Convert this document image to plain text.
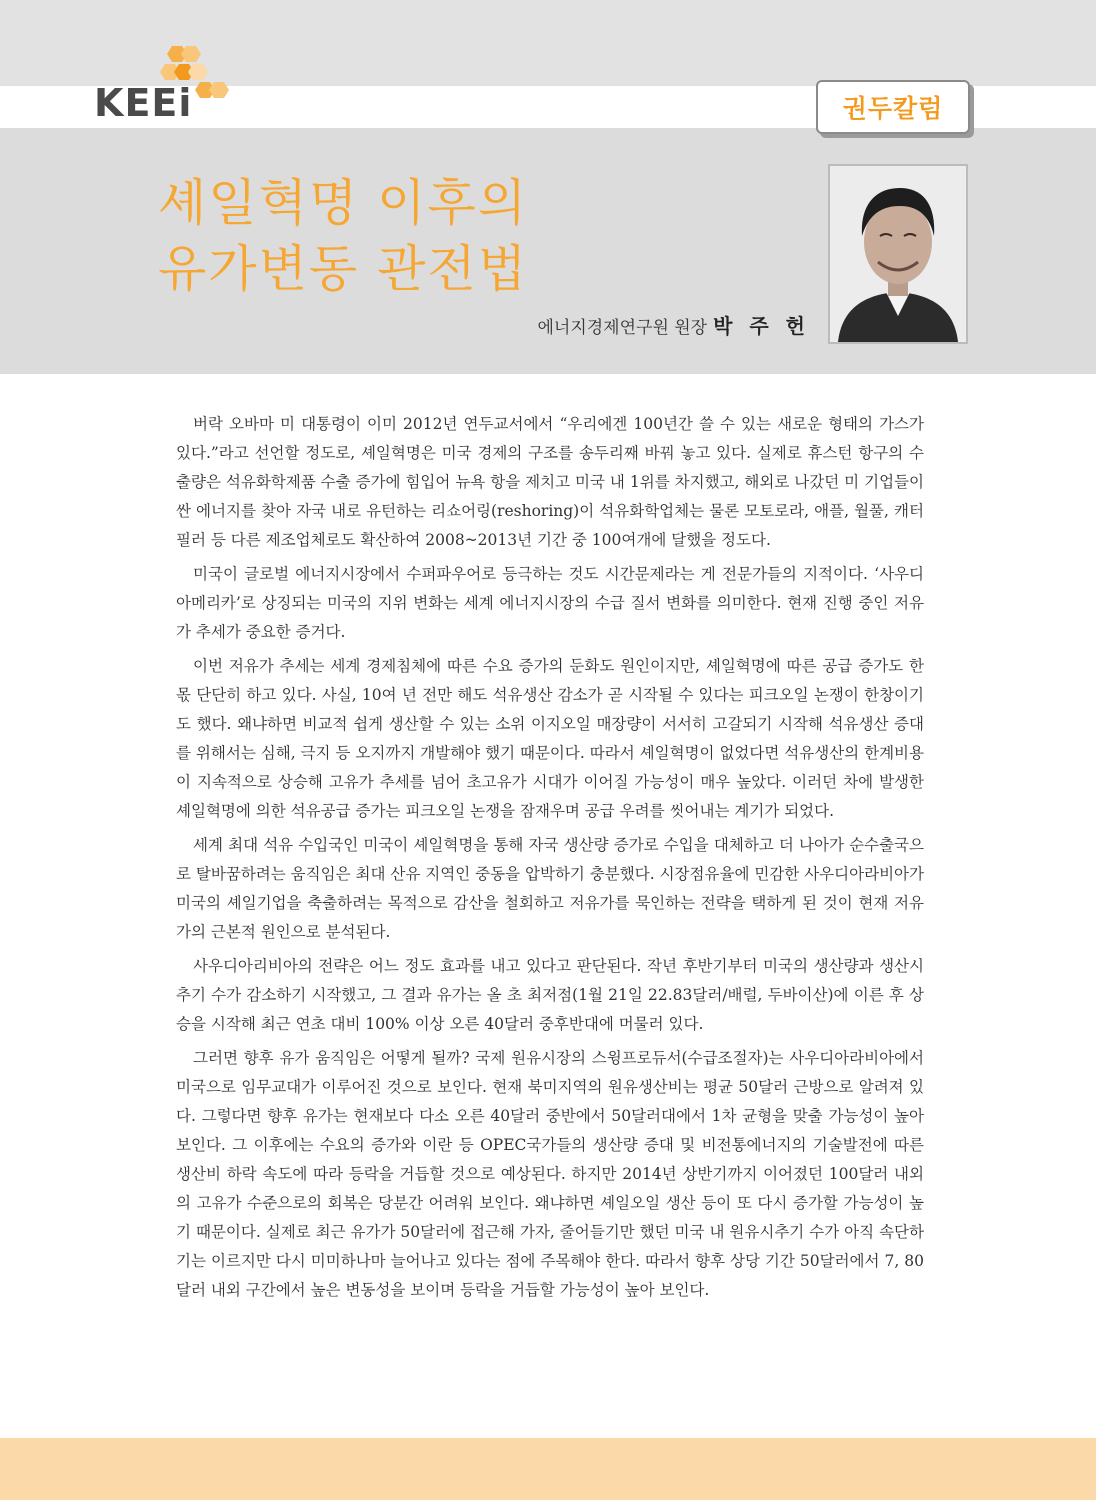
KEEi	권두칼럼
셰일혁명 이후의
유가변동 관전법
에너지경제연구원 원장 박 주 헌

버락 오바마 미 대통령이 이미 2012년 연두교서에서 “우리에겐 100년간 쓸 수 있는 새로운 형태의 가스가 있다.”라고 선언할 정도로, 셰일혁명은 미국 경제의 구조를 송두리째 바꿔 놓고 있다. 실제로 휴스턴 항구의 수출량은 석유화학제품 수출 증가에 힘입어 뉴욕 항을 제치고 미국 내 1위를 차지했고, 해외로 나갔던 미 기업들이 싼 에너지를 찾아 자국 내로 유턴하는 리쇼어링(reshoring)이 석유화학업체는 물론 모토로라, 애플, 월풀, 캐터필러 등 다른 제조업체로도 확산하여 2008~2013년 기간 중 100여개에 달했을 정도다.

미국이 글로벌 에너지시장에서 수퍼파우어로 등극하는 것도 시간문제라는 게 전문가들의 지적이다. ‘사우디아메리카’로 상징되는 미국의 지위 변화는 세계 에너지시장의 수급 질서 변화를 의미한다. 현재 진행 중인 저유가 추세가 중요한 증거다.

이번 저유가 추세는 세계 경제침체에 따른 수요 증가의 둔화도 원인이지만, 셰일혁명에 따른 공급 증가도 한 몫 단단히 하고 있다. 사실, 10여 년 전만 해도 석유생산 감소가 곧 시작될 수 있다는 피크오일 논쟁이 한창이기도 했다. 왜냐하면 비교적 쉽게 생산할 수 있는 소위 이지오일 매장량이 서서히 고갈되기 시작해 석유생산 증대를 위해서는 심해, 극지 등 오지까지 개발해야 했기 때문이다. 따라서 셰일혁명이 없었다면 석유생산의 한계비용이 지속적으로 상승해 고유가 추세를 넘어 초고유가 시대가 이어질 가능성이 매우 높았다. 이러던 차에 발생한 셰일혁명에 의한 석유공급 증가는 피크오일 논쟁을 잠재우며 공급 우려를 씻어내는 계기가 되었다.

세계 최대 석유 수입국인 미국이 셰일혁명을 통해 자국 생산량 증가로 수입을 대체하고 더 나아가 순수출국으로 탈바꿈하려는 움직임은 최대 산유 지역인 중동을 압박하기 충분했다. 시장점유율에 민감한 사우디아라비아가 미국의 셰일기업을 축출하려는 목적으로 감산을 철회하고 저유가를 묵인하는 전략을 택하게 된 것이 현재 저유가의 근본적 원인으로 분석된다.

사우디아리비아의 전략은 어느 정도 효과를 내고 있다고 판단된다. 작년 후반기부터 미국의 생산량과 생산시추기 수가 감소하기 시작했고, 그 결과 유가는 올 초 최저점(1월 21일 22.83달러/배럴, 두바이산)에 이른 후 상승을 시작해 최근 연초 대비 100% 이상 오른 40달러 중후반대에 머물러 있다.

그러면 향후 유가 움직임은 어떻게 될까? 국제 원유시장의 스윙프로듀서(수급조절자)는 사우디아라비아에서 미국으로 임무교대가 이루어진 것으로 보인다. 현재 북미지역의 원유생산비는 평균 50달러 근방으로 알려져 있다. 그렇다면 향후 유가는 현재보다 다소 오른 40달러 중반에서 50달러대에서 1차 균형을 맞출 가능성이 높아 보인다. 그 이후에는 수요의 증가와 이란 등 OPEC국가들의 생산량 증대 및 비전통에너지의 기술발전에 따른 생산비 하락 속도에 따라 등락을 거듭할 것으로 예상된다. 하지만 2014년 상반기까지 이어졌던 100달러 내외의 고유가 수준으로의 회복은 당분간 어려워 보인다. 왜냐하면 셰일오일 생산 등이 또 다시 증가할 가능성이 높기 때문이다. 실제로 최근 유가가 50달러에 접근해 가자, 줄어들기만 했던 미국 내 원유시추기 수가 아직 속단하기는 이르지만 다시 미미하나마 늘어나고 있다는 점에 주목해야 한다. 따라서 향후 상당 기간 50달러에서 7, 80달러 내외 구간에서 높은 변동성을 보이며 등락을 거듭할 가능성이 높아 보인다.
